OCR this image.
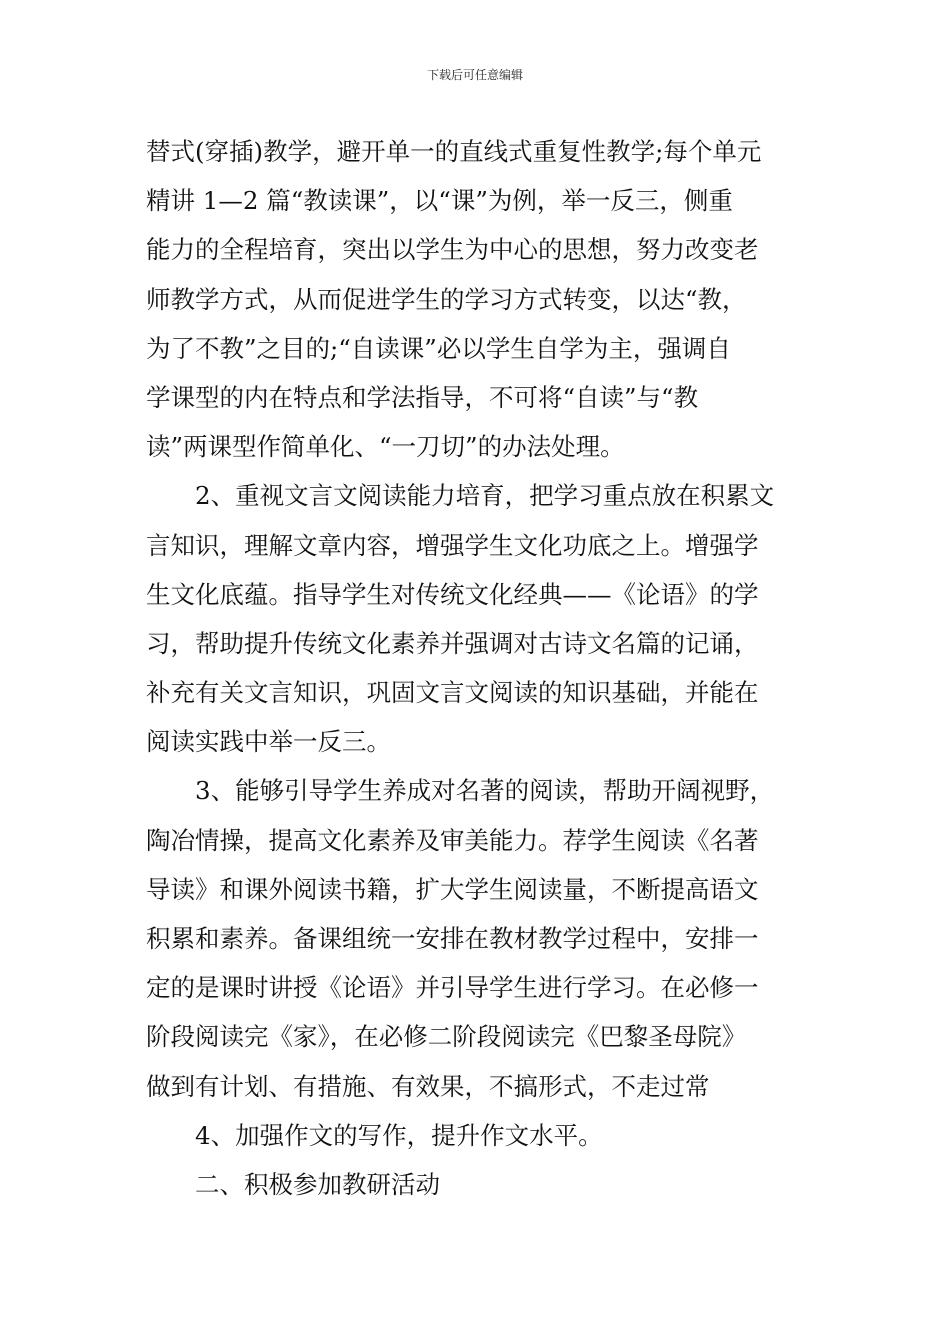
下载后可任意编辑
替式(穿插)教学，避开单一的直线式重复性教学;每个单元
精讲 1—2 篇“教读课”，以“课”为例，举一反三，侧重
能力的全程培育，突出以学生为中心的思想，努力改变老
师教学方式，从而促进学生的学习方式转变，以达“教，
为了不教”之目的;“自读课”必以学生自学为主，强调自
学课型的内在特点和学法指导，不可将“自读”与“教
读”两课型作简单化、“一刀切”的办法处理。
2、重视文言文阅读能力培育，把学习重点放在积累文
言知识，理解文章内容，增强学生文化功底之上。增强学
生文化底蕴。指导学生对传统文化经典——《论语》的学
习，帮助提升传统文化素养并强调对古诗文名篇的记诵，
补充有关文言知识，巩固文言文阅读的知识基础，并能在
阅读实践中举一反三。
3、能够引导学生养成对名著的阅读，帮助开阔视野，
陶冶情操，提高文化素养及审美能力。荐学生阅读《名著
导读》和课外阅读书籍，扩大学生阅读量，不断提高语文
积累和素养。备课组统一安排在教材教学过程中，安排一
定的是课时讲授《论语》并引导学生进行学习。在必修一
阶段阅读完《家》，在必修二阶段阅读完《巴黎圣母院》
做到有计划、有措施、有效果，不搞形式，不走过常
4、加强作文的写作，提升作文水平。
二、积极参加教研活动
